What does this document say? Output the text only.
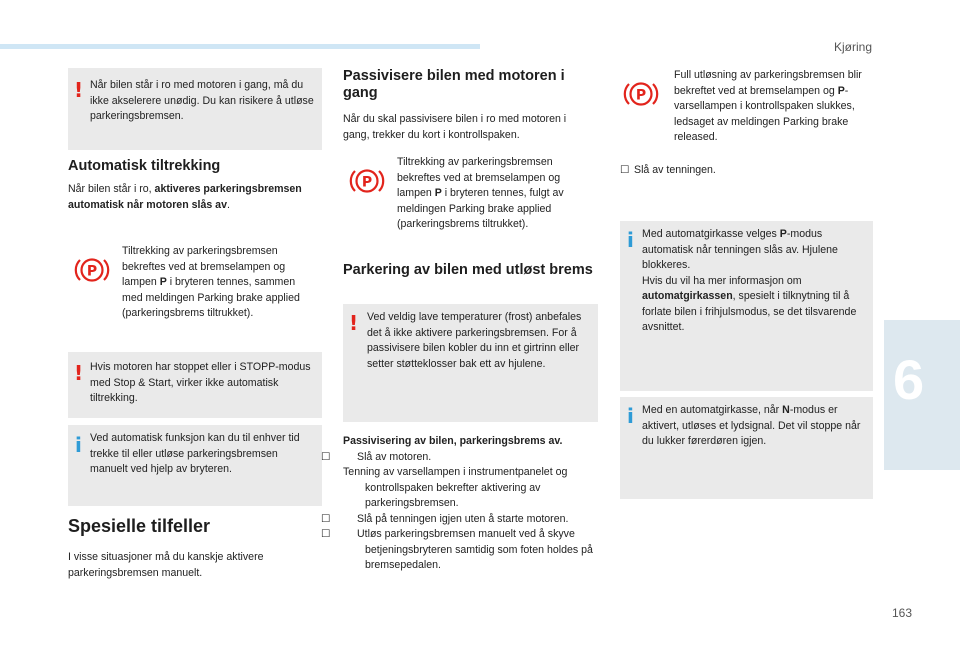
Kjøring
6
163
! Når bilen står i ro med motoren i gang, må du ikke akselerere unødig. Du kan risikere å utløse parkeringsbremsen.
Automatisk tiltrekking
Når bilen står i ro, aktiveres parkeringsbremsen automatisk når motoren slås av.
P
Tiltrekking av parkeringsbremsen bekreftes ved at bremselampen og lampen P i bryteren tennes, sammen med meldingen Parking brake applied (parkeringsbrems tiltrukket).
! Hvis motoren har stoppet eller i STOPP-modus med Stop & Start, virker ikke automatisk tiltrekking.
i Ved automatisk funksjon kan du til enhver tid trekke til eller utløse parkeringsbremsen manuelt ved hjelp av bryteren.
Spesielle tilfeller
I visse situasjoner må du kanskje aktivere parkeringsbremsen manuelt.
Passivisere bilen med motoren i gang
Når du skal passivisere bilen i ro med motoren i gang, trekker du kort i kontrollspaken.
P
Tiltrekking av parkeringsbremsen bekreftes ved at bremselampen og lampen P i bryteren tennes, fulgt av meldingen Parking brake applied (parkeringsbrems tiltrukket).
Parkering av bilen med utløst brems
! Ved veldig lave temperaturer (frost) anbefales det å ikke aktivere parkeringsbremsen. For å passivisere bilen kobler du inn et girtrinn eller setter støtteklosser bak ett av hjulene.

Passivisering av bilen, parkeringsbrems av.

☐	Slå av motoren.

Tenning av varsellampen i instrumentpanelet og kontrollspaken bekrefter aktivering av parkeringsbremsen.

☐	Slå på tenningen igjen uten å starte motoren.

☐	Utløs parkeringsbremsen manuelt ved å skyve betjeningsbryteren samtidig som foten holdes på bremsepedalen.

P
Full utløsning av parkeringsbremsen blir bekreftet ved at bremselampen og P-varsellampen i kontrollspaken slukkes, ledsaget av meldingen Parking brake released.
☐ Slå av tenningen.
i Med automatgirkasse velges P-modus automatisk når tenningen slås av. Hjulene blokkeres.
Hvis du vil ha mer informasjon om automatgirkassen, spesielt i tilknytning til å forlate bilen i frihjulsmodus, se det tilsvarende avsnittet.
i Med en automatgirkasse, når N-modus er aktivert, utløses et lydsignal. Det vil stoppe når du lukker førerdøren igjen.
